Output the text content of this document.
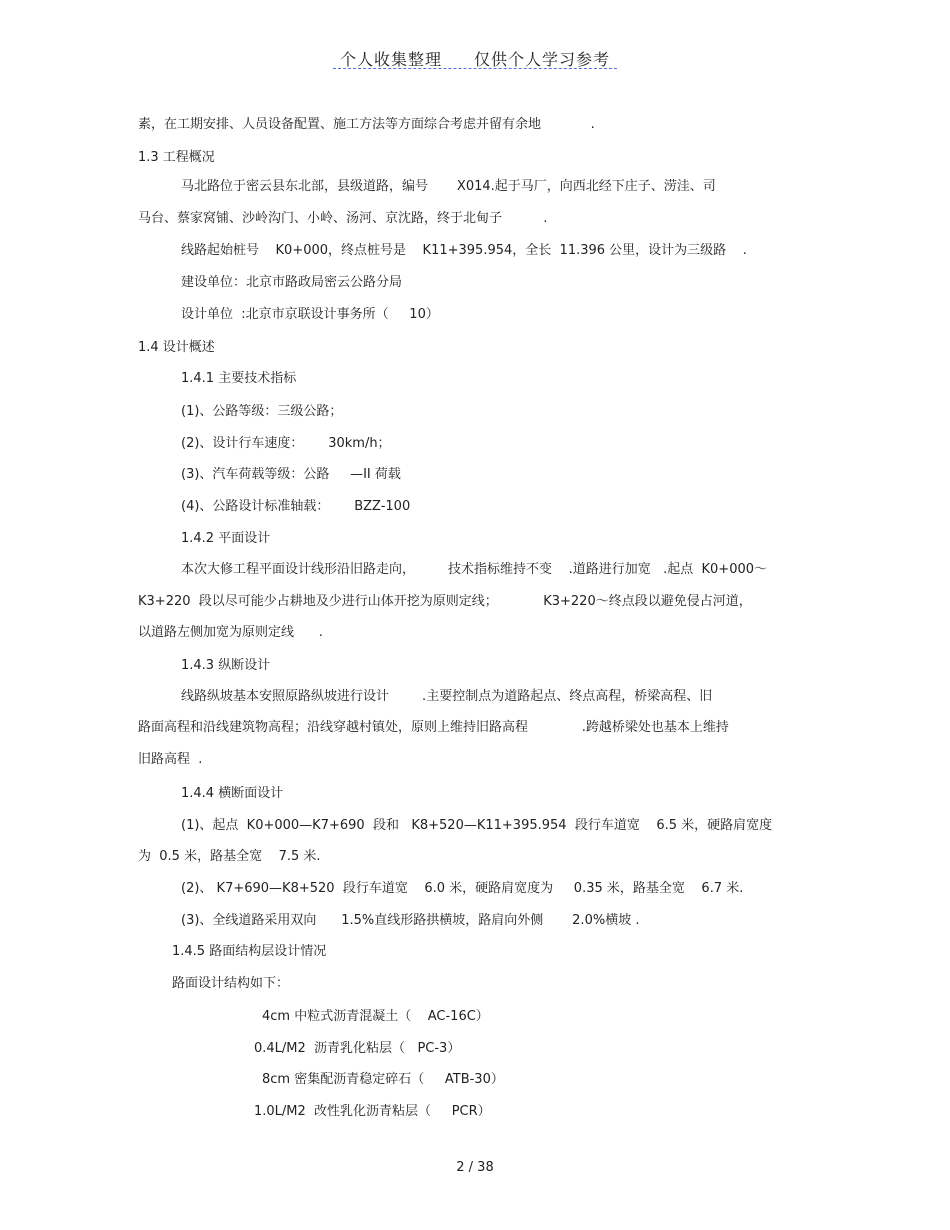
个人收集整理 仅供个人学习参考
素，在工期安排、人员设备配置、施工方法等方面综合考虑并留有余地            .
1.3 工程概况
马北路位于密云县东北部，县级道路，编号       X014.起于马厂，向西北经下庄子、涝洼、司
马台、蔡家窝铺、沙岭沟门、小岭、汤河、京沈路，终于北甸子          .
线路起始桩号    K0+000，终点桩号是    K11+395.954，全长  11.396 公里，设计为三级路    .
建设单位：北京市路政局密云公路分局
设计单位  :北京市京联设计事务所（     10）
1.4 设计概述
1.4.1 主要技术指标
(1)、公路等级：三级公路；
(2)、设计行车速度：      30km/h；
(3)、汽车荷载等级：公路     —II 荷载
(4)、公路设计标准轴载：      BZZ-100
1.4.2 平面设计
本次大修工程平面设计线形沿旧路走向，        技术指标维持不变    .道路进行加宽   .起点  K0+000～
K3+220  段以尽可能少占耕地及少进行山体开挖为原则定线；           K3+220～终点段以避免侵占河道，
以道路左侧加宽为原则定线      .
1.4.3 纵断设计
线路纵坡基本安照原路纵坡进行设计        .主要控制点为道路起点、终点高程，桥梁高程、旧
路面高程和沿线建筑物高程；沿线穿越村镇处，原则上维持旧路高程             .跨越桥梁处也基本上维持
旧路高程  .
1.4.4 横断面设计
(1)、起点  K0+000—K7+690  段和   K8+520—K11+395.954  段行车道宽    6.5 米，硬路肩宽度
为  0.5 米，路基全宽    7.5 米.
(2)、 K7+690—K8+520  段行车道宽    6.0 米，硬路肩宽度为     0.35 米，路基全宽    6.7 米.
(3)、全线道路采用双向      1.5%直线形路拱横坡，路肩向外侧       2.0%横坡 .
1.4.5 路面结构层设计情况
路面设计结构如下：
4cm 中粒式沥青混凝土（    AC-16C）
0.4L/M2  沥青乳化粘层（   PC-3）
8cm 密集配沥青稳定碎石（     ATB-30）
1.0L/M2  改性乳化沥青粘层（     PCR）
2 / 38
